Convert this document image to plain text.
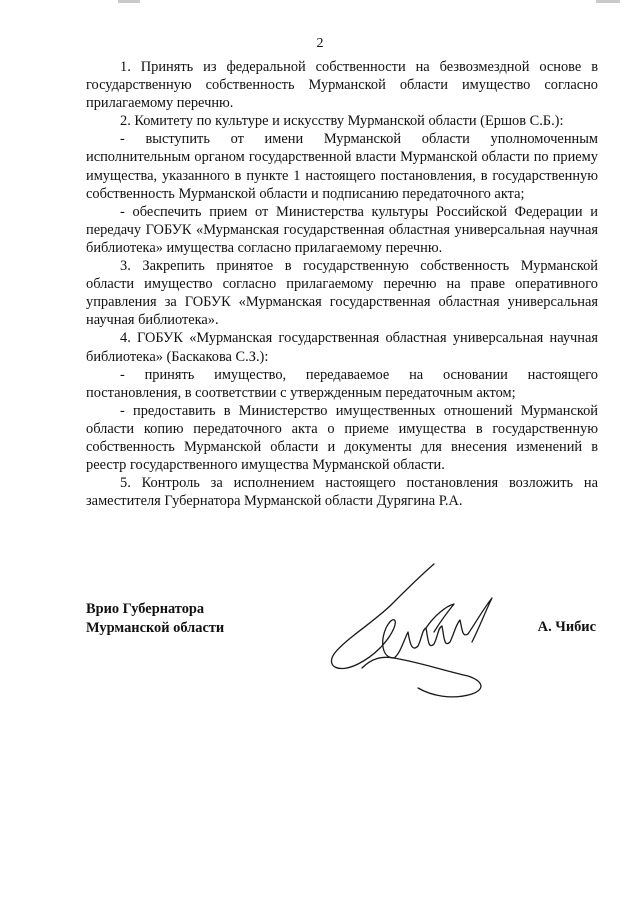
2

1. Принять из федеральной собственности на безвозмездной основе в государственную собственность Мурманской области имущество согласно прилагаемому перечню.

2. Комитету по культуре и искусству Мурманской области (Ершов С.Б.):

- выступить от имени Мурманской области уполномоченным исполнительным органом государственной власти Мурманской области по приему имущества, указанного в пункте 1 настоящего постановления, в государственную собственность Мурманской области и подписанию передаточного акта;

- обеспечить прием от Министерства культуры Российской Федерации и передачу ГОБУК «Мурманская государственная областная универсальная научная библиотека» имущества согласно прилагаемому перечню.

3. Закрепить принятое в государственную собственность Мурманской области имущество согласно прилагаемому перечню на праве оперативного управления за ГОБУК «Мурманская государственная областная универсальная научная библиотека».

4. ГОБУК «Мурманская государственная областная универсальная научная библиотека» (Баскакова С.З.):

- принять имущество, передаваемое на основании настоящего постановления, в соответствии с утвержденным передаточным актом;

- предоставить в Министерство имущественных отношений Мурманской области копию передаточного акта о приеме имущества в государственную собственность Мурманской области и документы для внесения изменений в реестр государственного имущества Мурманской области.

5. Контроль за исполнением настоящего постановления возложить на заместителя Губернатора Мурманской области Дурягина Р.А.

Врио Губернатора
Мурманской области	А. Чибис
